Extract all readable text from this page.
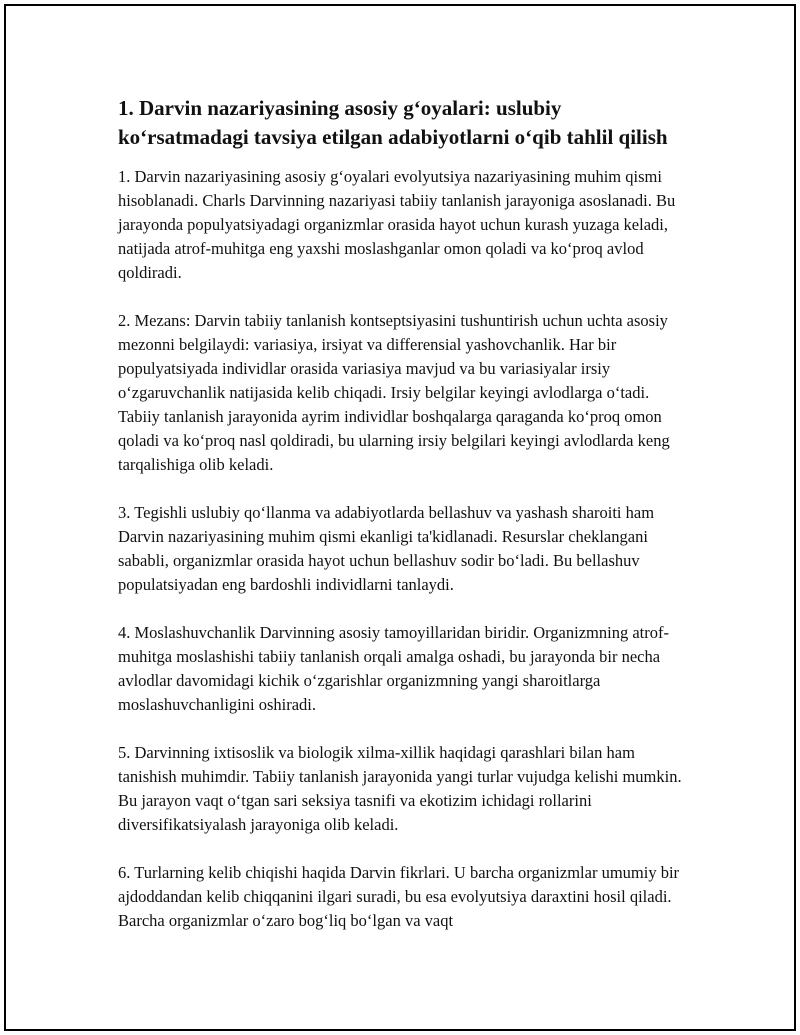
1. Darvin nazariyasining asosiy g‘oyalari: uslubiy ko‘rsatmadagi tavsiya etilgan adabiyotlarni o‘qib tahlil qilish

1. Darvin nazariyasining asosiy g‘oyalari evolyutsiya nazariyasining muhim qismi hisoblanadi. Charls Darvinning nazariyasi tabiiy tanlanish jarayoniga asoslanadi. Bu jarayonda populyatsiyadagi organizmlar orasida hayot uchun kurash yuzaga keladi, natijada atrof-muhitga eng yaxshi moslashganlar omon qoladi va ko‘proq avlod qoldiradi.

2. Mezans: Darvin tabiiy tanlanish kontseptsiyasini tushuntirish uchun uchta asosiy mezonni belgilaydi: variasiya, irsiyat va differensial yashovchanlik. Har bir populyatsiyada individlar orasida variasiya mavjud va bu variasiyalar irsiy o‘zgaruvchanlik natijasida kelib chiqadi. Irsiy belgilar keyingi avlodlarga o‘tadi. Tabiiy tanlanish jarayonida ayrim individlar boshqalarga qaraganda ko‘proq omon qoladi va ko‘proq nasl qoldiradi, bu ularning irsiy belgilari keyingi avlodlarda keng tarqalishiga olib keladi.

3. Tegishli uslubiy qo‘llanma va adabiyotlarda bellashuv va yashash sharoiti ham Darvin nazariyasining muhim qismi ekanligi ta'kidlanadi. Resurslar cheklangani sababli, organizmlar orasida hayot uchun bellashuv sodir bo‘ladi. Bu bellashuv populatsiyadan eng bardoshli individlarni tanlaydi.

4. Moslashuvchanlik Darvinning asosiy tamoyillaridan biridir. Organizmning atrof-muhitga moslashishi tabiiy tanlanish orqali amalga oshadi, bu jarayonda bir necha avlodlar davomidagi kichik o‘zgarishlar organizmning yangi sharoitlarga moslashuvchanligini oshiradi.

5. Darvinning ixtisoslik va biologik xilma-xillik haqidagi qarashlari bilan ham tanishish muhimdir. Tabiiy tanlanish jarayonida yangi turlar vujudga kelishi mumkin. Bu jarayon vaqt o‘tgan sari seksiya tasnifi va ekotizim ichidagi rollarini diversifikatsiyalash jarayoniga olib keladi.

6. Turlarning kelib chiqishi haqida Darvin fikrlari. U barcha organizmlar umumiy bir ajdoddandan kelib chiqqanini ilgari suradi, bu esa evolyutsiya daraxtini hosil qiladi. Barcha organizmlar o‘zaro bog‘liq bo‘lgan va vaqt
